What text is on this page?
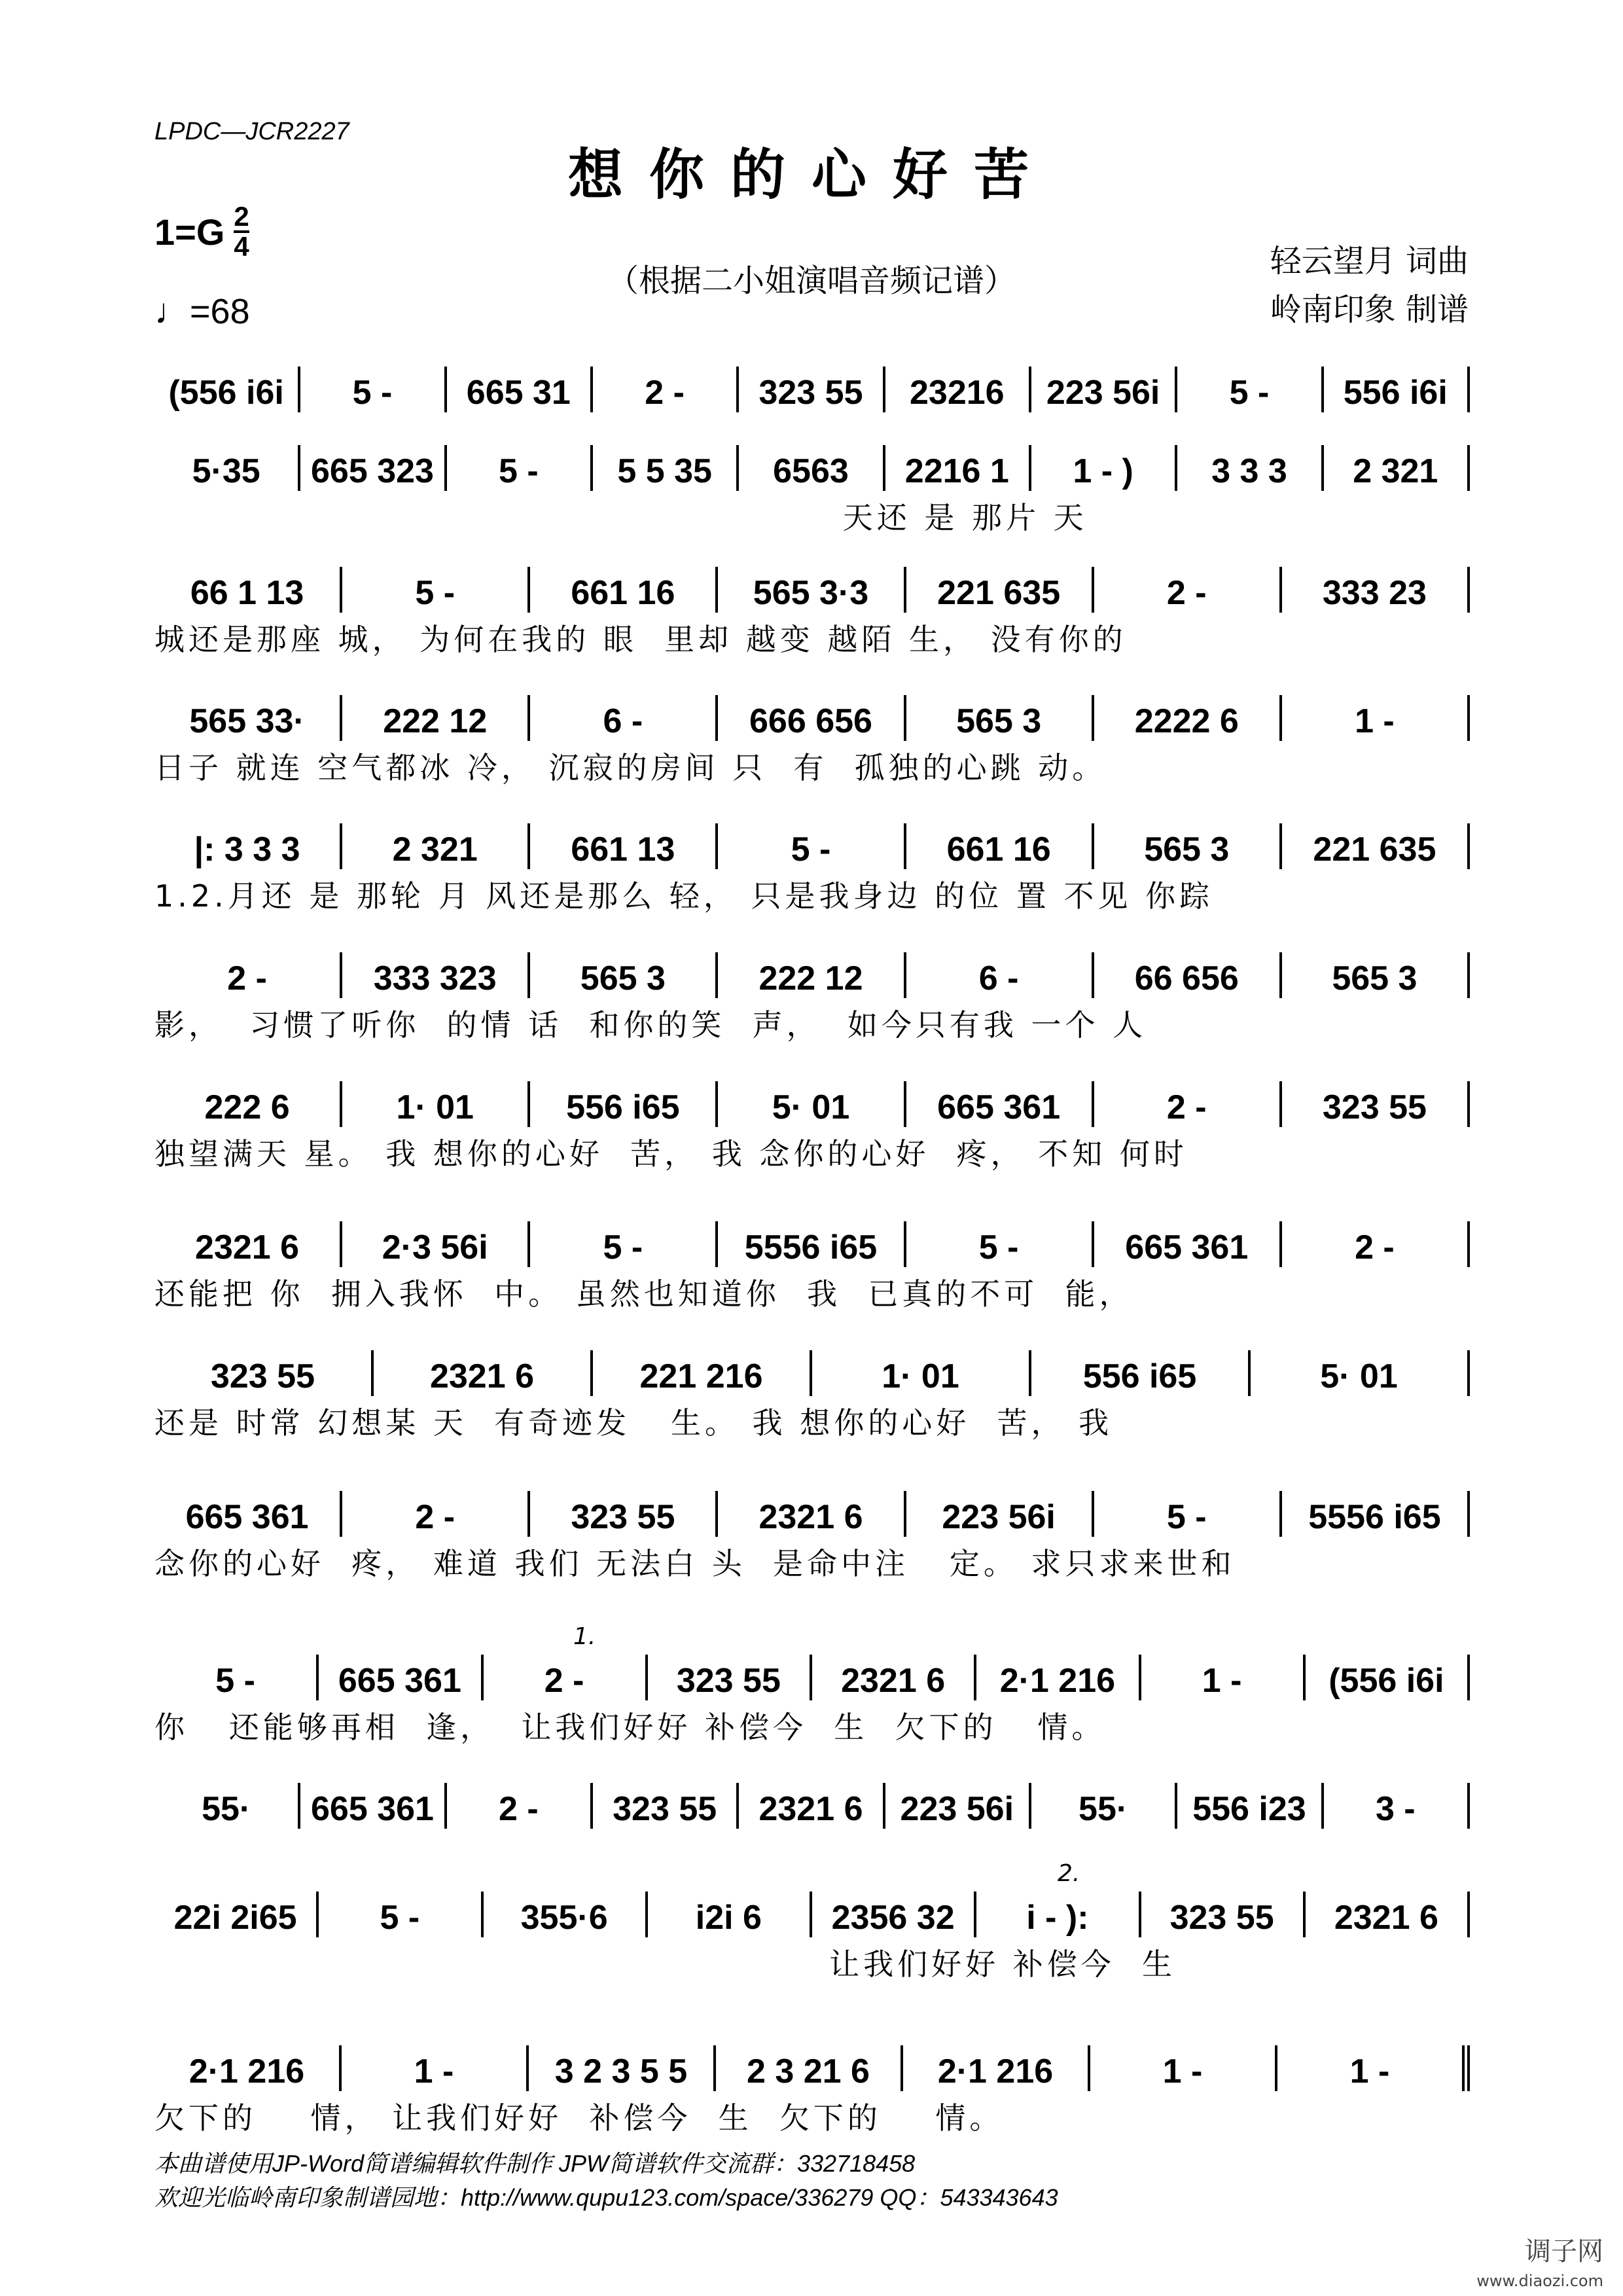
LPDC—JCR2227
想你的心好苦
$1=G \frac{2}{4}$
♩=68
（根据二小姐演唱音频记谱）
轻云望月 词曲
岭南印象 制谱
(556 i6i	5 -	665 31	2 -	323 55	23216	223 56i	5 -	556 i6i
5·35	665 323	5 -	5 5 35	6563	2216 1	1 - )	3 3 3	2 321
天还 是 那片 天
66 1 13	5 -	661 16	565 3·3	221 635	2 -	333 23
城还是那座 城， 为何在我的 眼  里却 越变 越陌 生， 没有你的
565 33·	222 12	6 -	666 656	565 3	2222 6	1 -
日子 就连 空气都冰 冷， 沉寂的房间 只  有  孤独的心跳 动。
|: 3 3 3	2 321	661 13	5 -	661 16	565 3	221 635
1.2.月还 是 那轮 月 风还是那么 轻， 只是我身边 的位 置 不见 你踪
2 -	333 323	565 3	222 12	6 -	66 656	565 3
影，  习惯了听你  的情 话  和你的笑  声，  如今只有我 一个 人
222 6	1· 01	556 i65	5· 01	665 361	2 -	323 55
独望满天 星。 我 想你的心好  苦， 我 念你的心好  疼， 不知 何时
2321 6	2·3 56i	5 -	5556 i65	5 -	665 361	2 -
还能把 你  拥入我怀  中。 虽然也知道你  我  已真的不可  能，
323 55	2321 6	221 216	1· 01	556 i65	5· 01
还是 时常 幻想某 天  有奇迹发   生。 我 想你的心好  苦， 我
665 361	2 -	323 55	2321 6	223 56i	5 -	5556 i65
念你的心好  疼， 难道 我们 无法白 头  是命中注   定。 求只求来世和
1.
5 -	665 361	2 -	323 55	2321 6	2·1 216	1 -	(556 i6i
你   还能够再相  逢，  让我们好好 补偿今  生  欠下的   情。
55·	665 361	2 -	323 55	2321 6	223 56i	55·	556 i23	3 -
2.
22i 2i65	5 -	355·6	i2i 6	2356 32	i - ):	323 55	2321 6
让我们好好 补偿今  生
2·1 216	1 -	3 2 3 5 5	2 3 21 6	2·1 216	1 -	1 -
欠下的    情， 让我们好好  补偿今  生  欠下的    情。
本曲谱使用JP-Word简谱编辑软件制作 JPW简谱软件交流群：332718458
欢迎光临岭南印象制谱园地：http://www.qupu123.com/space/336279 QQ：543343643
调子网
www.diaozi.com
